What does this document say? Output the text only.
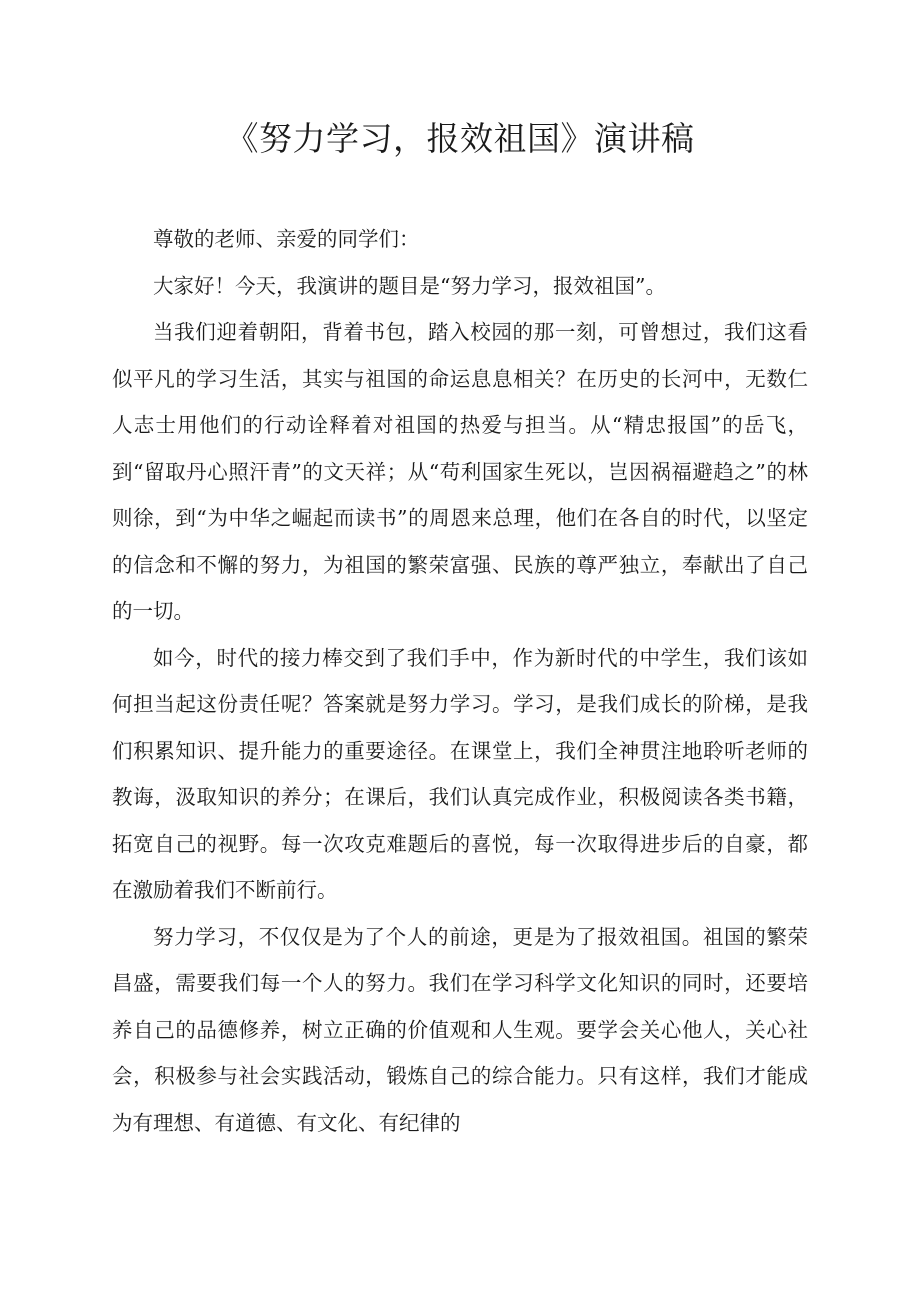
《努力学习，报效祖国》演讲稿

尊敬的老师、亲爱的同学们：

大家好！今天，我演讲的题目是“努力学习，报效祖国”。

当我们迎着朝阳，背着书包，踏入校园的那一刻，可曾想过，我们这看似平凡的学习生活，其实与祖国的命运息息相关？在历史的长河中，无数仁人志士用他们的行动诠释着对祖国的热爱与担当。从“精忠报国”的岳飞，到“留取丹心照汗青”的文天祥；从“苟利国家生死以，岂因祸福避趋之”的林则徐，到“为中华之崛起而读书”的周恩来总理，他们在各自的时代，以坚定的信念和不懈的努力，为祖国的繁荣富强、民族的尊严独立，奉献出了自己的一切。

如今，时代的接力棒交到了我们手中，作为新时代的中学生，我们该如何担当起这份责任呢？答案就是努力学习。学习，是我们成长的阶梯，是我们积累知识、提升能力的重要途径。在课堂上，我们全神贯注地聆听老师的教诲，汲取知识的养分；在课后，我们认真完成作业，积极阅读各类书籍，拓宽自己的视野。每一次攻克难题后的喜悦，每一次取得进步后的自豪，都在激励着我们不断前行。

努力学习，不仅仅是为了个人的前途，更是为了报效祖国。祖国的繁荣昌盛，需要我们每一个人的努力。我们在学习科学文化知识的同时，还要培养自己的品德修养，树立正确的价值观和人生观。要学会关心他人，关心社会，积极参与社会实践活动，锻炼自己的综合能力。只有这样，我们才能成为有理想、有道德、有文化、有纪律的
